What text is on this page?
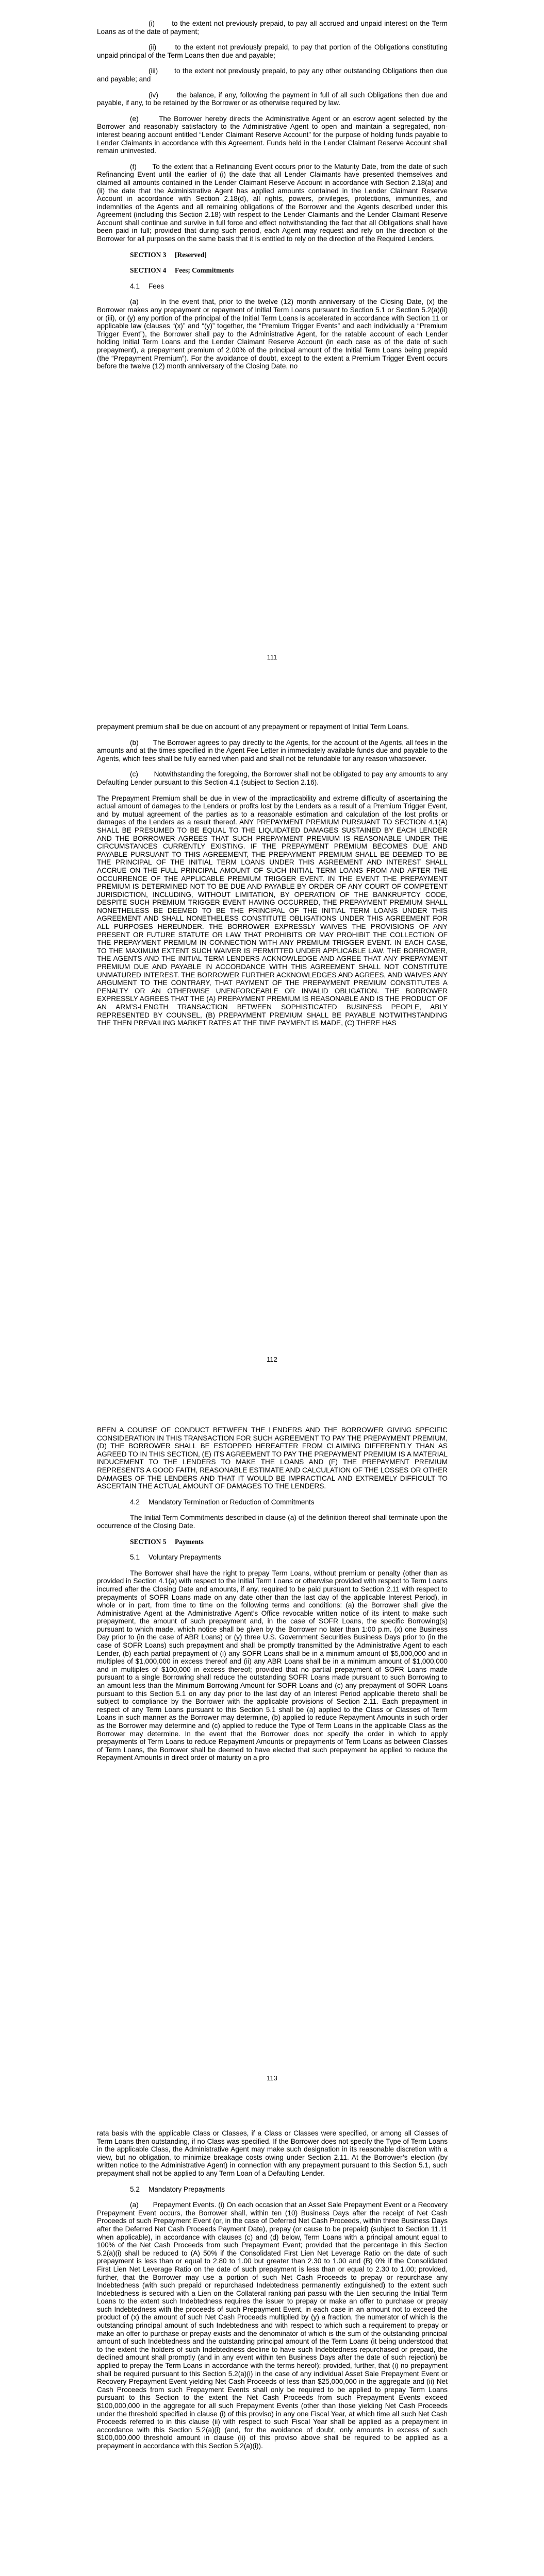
(i)       to the extent not previously prepaid, to pay all accrued and unpaid interest on the Term Loans as of the date of payment;

(ii)       to the extent not previously prepaid, to pay that portion of the Obligations constituting unpaid principal of the Term Loans then due and payable;

(iii)       to the extent not previously prepaid, to pay any other outstanding Obligations then due and payable; and

(iv)       the balance, if any, following the payment in full of all such Obligations then due and payable, if any, to be retained by the Borrower or as otherwise required by law.

(e)       The Borrower hereby directs the Administrative Agent or an escrow agent selected by the Borrower and reasonably satisfactory to the Administrative Agent to open and maintain a segregated, non-interest bearing account entitled “Lender Claimant Reserve Account” for the purpose of holding funds payable to Lender Claimants in accordance with this Agreement. Funds held in the Lender Claimant Reserve Account shall remain uninvested.

(f)       To the extent that a Refinancing Event occurs prior to the Maturity Date, from the date of such Refinancing Event until the earlier of (i) the date that all Lender Claimants have presented themselves and claimed all amounts contained in the Lender Claimant Reserve Account in accordance with Section 2.18(a) and (ii) the date that the Administrative Agent has applied amounts contained in the Lender Claimant Reserve Account in accordance with Section 2.18(d), all rights, powers, privileges, protections, immunities, and indemnities of the Agents and all remaining obligations of the Borrower and the Agents described under this Agreement (including this Section 2.18) with respect to the Lender Claimants and the Lender Claimant Reserve Account shall continue and survive in full force and effect notwithstanding the fact that all Obligations shall have been paid in full; provided that during such period, each Agent may request and rely on the direction of the Borrower for all purposes on the same basis that it is entitled to rely on the direction of the Required Lenders.

SECTION 3     [Reserved]

SECTION 4     Fees; Commitments

4.1 Fees

(a)       In the event that, prior to the twelve (12) month anniversary of the Closing Date, (x) the Borrower makes any prepayment or repayment of Initial Term Loans pursuant to Section 5.1 or Section 5.2(a)(ii) or (iii), or (y) any portion of the principal of the Initial Term Loans is accelerated in accordance with Section 11 or applicable law (clauses “(x)” and “(y)” together, the “Premium Trigger Events” and each individually a “Premium Trigger Event”), the Borrower shall pay to the Administrative Agent, for the ratable account of each Lender holding Initial Term Loans and the Lender Claimant Reserve Account (in each case as of the date of such prepayment), a prepayment premium of 2.00% of the principal amount of the Initial Term Loans being prepaid (the “Prepayment Premium”). For the avoidance of doubt, except to the extent a Premium Trigger Event occurs before the twelve (12) month anniversary of the Closing Date, no

111

prepayment premium shall be due on account of any prepayment or repayment of Initial Term Loans.

(b)       The Borrower agrees to pay directly to the Agents, for the account of the Agents, all fees in the amounts and at the times specified in the Agent Fee Letter in immediately available funds due and payable to the Agents, which fees shall be fully earned when paid and shall not be refundable for any reason whatsoever.

(c)       Notwithstanding the foregoing, the Borrower shall not be obligated to pay any amounts to any Defaulting Lender pursuant to this Section 4.1 (subject to Section 2.16).

The Prepayment Premium shall be due in view of the impracticability and extreme difficulty of ascertaining the actual amount of damages to the Lenders or profits lost by the Lenders as a result of a Premium Trigger Event, and by mutual agreement of the parties as to a reasonable estimation and calculation of the lost profits or damages of the Lenders as a result thereof. ANY PREPAYMENT PREMIUM PURSUANT TO SECTION 4.1(A) SHALL BE PRESUMED TO BE EQUAL TO THE LIQUIDATED DAMAGES SUSTAINED BY EACH LENDER AND THE BORROWER AGREES THAT SUCH PREPAYMENT PREMIUM IS REASONABLE UNDER THE CIRCUMSTANCES CURRENTLY EXISTING. IF THE PREPAYMENT PREMIUM BECOMES DUE AND PAYABLE PURSUANT TO THIS AGREEMENT, THE PREPAYMENT PREMIUM SHALL BE DEEMED TO BE THE PRINCIPAL OF THE INITIAL TERM LOANS UNDER THIS AGREEMENT AND INTEREST SHALL ACCRUE ON THE FULL PRINCIPAL AMOUNT OF SUCH INITIAL TERM LOANS FROM AND AFTER THE OCCURRENCE OF THE APPLICABLE PREMIUM TRIGGER EVENT. IN THE EVENT THE PREPAYMENT PREMIUM IS DETERMINED NOT TO BE DUE AND PAYABLE BY ORDER OF ANY COURT OF COMPETENT JURISDICTION, INCLUDING, WITHOUT LIMITATION, BY OPERATION OF THE BANKRUPTCY CODE, DESPITE SUCH PREMIUM TRIGGER EVENT HAVING OCCURRED, THE PREPAYMENT PREMIUM SHALL NONETHELESS BE DEEMED TO BE THE PRINCIPAL OF THE INITIAL TERM LOANS UNDER THIS AGREEMENT AND SHALL NONETHELESS CONSTITUTE OBLIGATIONS UNDER THIS AGREEMENT FOR ALL PURPOSES HEREUNDER. THE BORROWER EXPRESSLY WAIVES THE PROVISIONS OF ANY PRESENT OR FUTURE STATUTE OR LAW THAT PROHIBITS OR MAY PROHIBIT THE COLLECTION OF THE PREPAYMENT PREMIUM IN CONNECTION WITH ANY PREMIUM TRIGGER EVENT. IN EACH CASE, TO THE MAXIMUM EXTENT SUCH WAIVER IS PERMITTED UNDER APPLICABLE LAW. THE BORROWER, THE AGENTS AND THE INITIAL TERM LENDERS ACKNOWLEDGE AND AGREE THAT ANY PREPAYMENT PREMIUM DUE AND PAYABLE IN ACCORDANCE WITH THIS AGREEMENT SHALL NOT CONSTITUTE UNMATURED INTEREST. THE BORROWER FURTHER ACKNOWLEDGES AND AGREES, AND WAIVES ANY ARGUMENT TO THE CONTRARY, THAT PAYMENT OF THE PREPAYMENT PREMIUM CONSTITUTES A PENALTY OR AN OTHERWISE UNENFORCEABLE OR INVALID OBLIGATION. THE BORROWER EXPRESSLY AGREES THAT THE (A) PREPAYMENT PREMIUM IS REASONABLE AND IS THE PRODUCT OF AN ARM’S-LENGTH TRANSACTION BETWEEN SOPHISTICATED BUSINESS PEOPLE, ABLY REPRESENTED BY COUNSEL, (B) PREPAYMENT PREMIUM SHALL BE PAYABLE NOTWITHSTANDING THE THEN PREVAILING MARKET RATES AT THE TIME PAYMENT IS MADE, (C) THERE HAS

112

BEEN A COURSE OF CONDUCT BETWEEN THE LENDERS AND THE BORROWER GIVING SPECIFIC CONSIDERATION IN THIS TRANSACTION FOR SUCH AGREEMENT TO PAY THE PREPAYMENT PREMIUM, (D) THE BORROWER SHALL BE ESTOPPED HEREAFTER FROM CLAIMING DIFFERENTLY THAN AS AGREED TO IN THIS SECTION, (E) ITS AGREEMENT TO PAY THE PREPAYMENT PREMIUM IS A MATERIAL INDUCEMENT TO THE LENDERS TO MAKE THE LOANS AND (F) THE PREPAYMENT PREMIUM REPRESENTS A GOOD FAITH, REASONABLE ESTIMATE AND CALCULATION OF THE LOSSES OR OTHER DAMAGES OF THE LENDERS AND THAT IT WOULD BE IMPRACTICAL AND EXTREMELY DIFFICULT TO ASCERTAIN THE ACTUAL AMOUNT OF DAMAGES TO THE LENDERS.

4.2 Mandatory Termination or Reduction of Commitments

The Initial Term Commitments described in clause (a) of the definition thereof shall terminate upon the occurrence of the Closing Date.

SECTION 5     Payments

5.1 Voluntary Prepayments

The Borrower shall have the right to prepay Term Loans, without premium or penalty (other than as provided in Section 4.1(a) with respect to the Initial Term Loans or otherwise provided with respect to Term Loans incurred after the Closing Date and amounts, if any, required to be paid pursuant to Section 2.11 with respect to prepayments of SOFR Loans made on any date other than the last day of the applicable Interest Period), in whole or in part, from time to time on the following terms and conditions: (a) the Borrower shall give the Administrative Agent at the Administrative Agent’s Office revocable written notice of its intent to make such prepayment, the amount of such prepayment and, in the case of SOFR Loans, the specific Borrowing(s) pursuant to which made, which notice shall be given by the Borrower no later than 1:00 p.m. (x) one Business Day prior to (in the case of ABR Loans) or (y) three U.S. Government Securities Business Days prior to (in the case of SOFR Loans) such prepayment and shall be promptly transmitted by the Administrative Agent to each Lender, (b) each partial prepayment of (i) any SOFR Loans shall be in a minimum amount of $5,000,000 and in multiples of $1,000,000 in excess thereof and (ii) any ABR Loans shall be in a minimum amount of $1,000,000 and in multiples of $100,000 in excess thereof; provided that no partial prepayment of SOFR Loans made pursuant to a single Borrowing shall reduce the outstanding SOFR Loans made pursuant to such Borrowing to an amount less than the Minimum Borrowing Amount for SOFR Loans and (c) any prepayment of SOFR Loans pursuant to this Section 5.1 on any day prior to the last day of an Interest Period applicable thereto shall be subject to compliance by the Borrower with the applicable provisions of Section 2.11. Each prepayment in respect of any Term Loans pursuant to this Section 5.1 shall be (a) applied to the Class or Classes of Term Loans in such manner as the Borrower may determine, (b) applied to reduce Repayment Amounts in such order as the Borrower may determine and (c) applied to reduce the Type of Term Loans in the applicable Class as the Borrower may determine. In the event that the Borrower does not specify the order in which to apply prepayments of Term Loans to reduce Repayment Amounts or prepayments of Term Loans as between Classes of Term Loans, the Borrower shall be deemed to have elected that such prepayment be applied to reduce the Repayment Amounts in direct order of maturity on a pro

113

rata basis with the applicable Class or Classes, if a Class or Classes were specified, or among all Classes of Term Loans then outstanding, if no Class was specified. If the Borrower does not specify the Type of Term Loans in the applicable Class, the Administrative Agent may make such designation in its reasonable discretion with a view, but no obligation, to minimize breakage costs owing under Section 2.11. At the Borrower’s election (by written notice to the Administrative Agent) in connection with any prepayment pursuant to this Section 5.1, such prepayment shall not be applied to any Term Loan of a Defaulting Lender.

5.2 Mandatory Prepayments

(a)       Prepayment Events. (i) On each occasion that an Asset Sale Prepayment Event or a Recovery Prepayment Event occurs, the Borrower shall, within ten (10) Business Days after the receipt of Net Cash Proceeds of such Prepayment Event (or, in the case of Deferred Net Cash Proceeds, within three Business Days after the Deferred Net Cash Proceeds Payment Date), prepay (or cause to be prepaid) (subject to Section 11.11 when applicable), in accordance with clauses (c) and (d) below, Term Loans with a principal amount equal to 100% of the Net Cash Proceeds from such Prepayment Event; provided that the percentage in this Section 5.2(a)(i) shall be reduced to (A) 50% if the Consolidated First Lien Net Leverage Ratio on the date of such prepayment is less than or equal to 2.80 to 1.00 but greater than 2.30 to 1.00 and (B) 0% if the Consolidated First Lien Net Leverage Ratio on the date of such prepayment is less than or equal to 2.30 to 1.00; provided, further, that the Borrower may use a portion of such Net Cash Proceeds to prepay or repurchase any Indebtedness (with such prepaid or repurchased Indebtedness permanently extinguished) to the extent such Indebtedness is secured with a Lien on the Collateral ranking pari passu with the Lien securing the Initial Term Loans to the extent such Indebtedness requires the issuer to prepay or make an offer to purchase or prepay such Indebtedness with the proceeds of such Prepayment Event, in each case in an amount not to exceed the product of (x) the amount of such Net Cash Proceeds multiplied by (y) a fraction, the numerator of which is the outstanding principal amount of such Indebtedness and with respect to which such a requirement to prepay or make an offer to purchase or prepay exists and the denominator of which is the sum of the outstanding principal amount of such Indebtedness and the outstanding principal amount of the Term Loans (it being understood that to the extent the holders of such Indebtedness decline to have such Indebtedness repurchased or prepaid, the declined amount shall promptly (and in any event within ten Business Days after the date of such rejection) be applied to prepay the Term Loans in accordance with the terms hereof); provided, further, that (i) no prepayment shall be required pursuant to this Section 5.2(a)(i) in the case of any individual Asset Sale Prepayment Event or Recovery Prepayment Event yielding Net Cash Proceeds of less than $25,000,000 in the aggregate and (ii) Net Cash Proceeds from such Prepayment Events shall only be required to be applied to prepay Term Loans pursuant to this Section to the extent the Net Cash Proceeds from such Prepayment Events exceed $100,000,000 in the aggregate for all such Prepayment Events (other than those yielding Net Cash Proceeds under the threshold specified in clause (i) of this proviso) in any one Fiscal Year, at which time all such Net Cash Proceeds referred to in this clause (ii) with respect to such Fiscal Year shall be applied as a prepayment in accordance with this Section 5.2(a)(i) (and, for the avoidance of doubt, only amounts in excess of such $100,000,000 threshold amount in clause (ii) of this proviso above shall be required to be applied as a prepayment in accordance with this Section 5.2(a)(i)).
